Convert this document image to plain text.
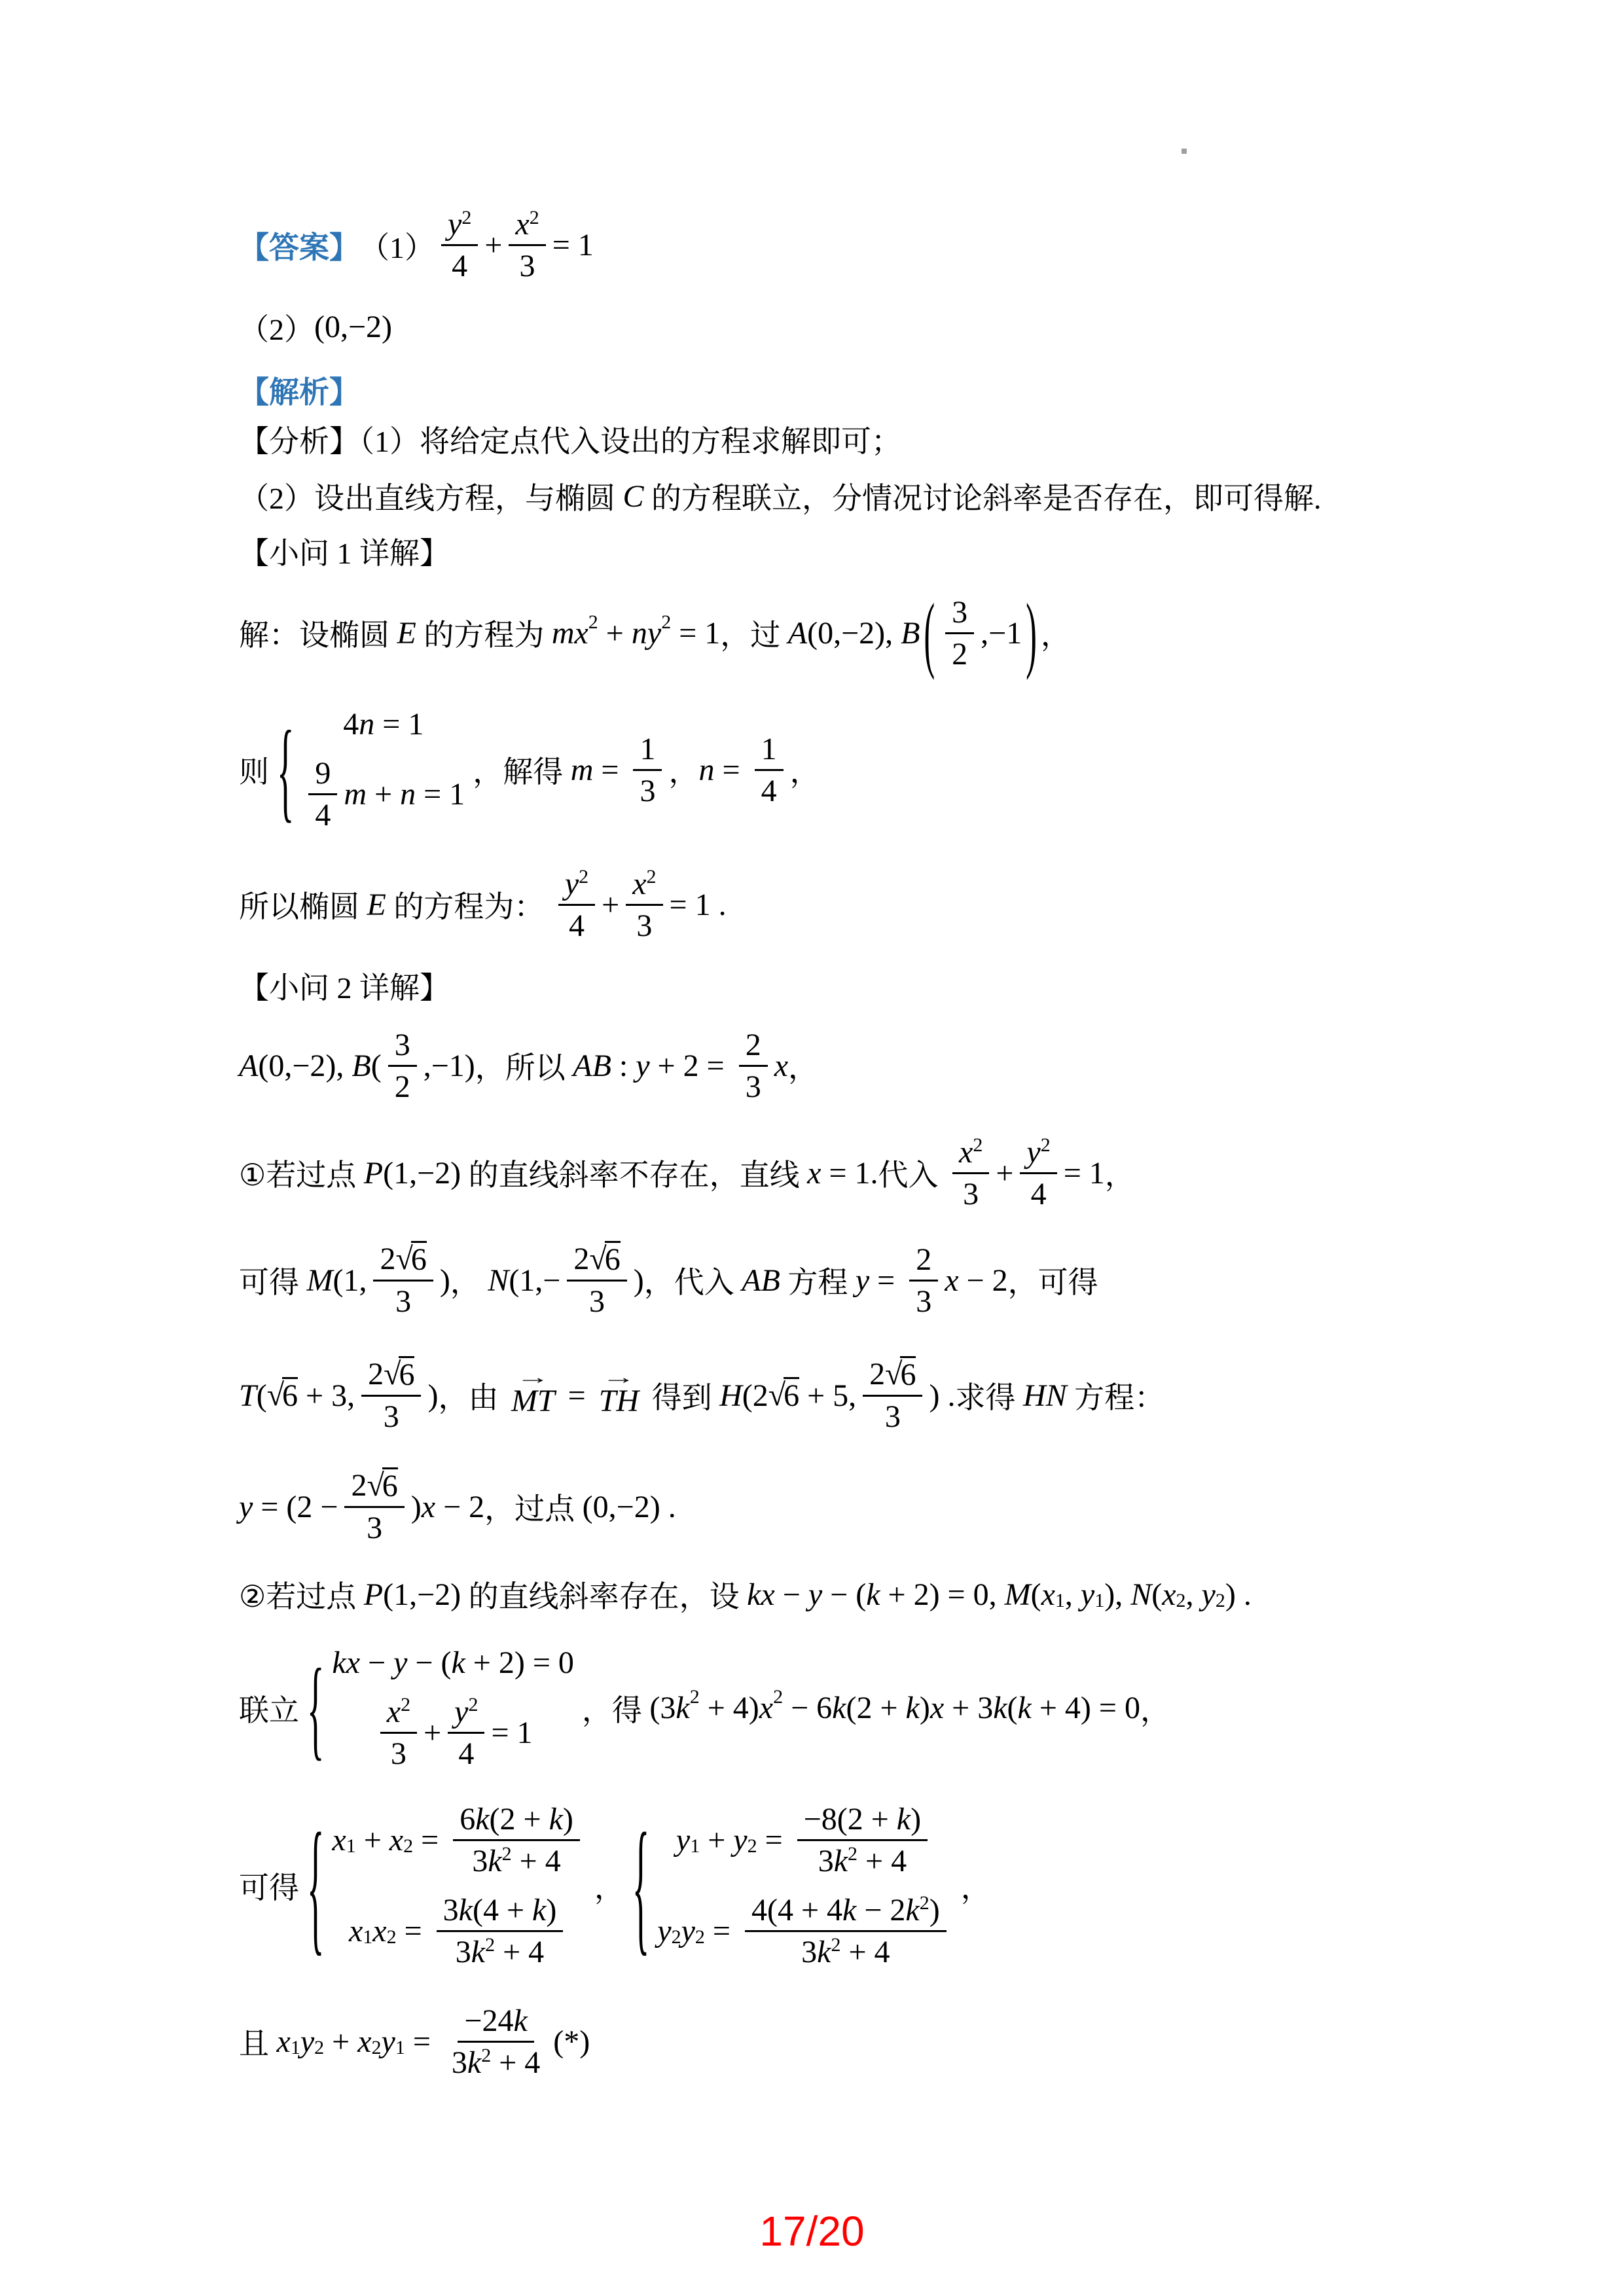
【答案】 $(1) \frac{y 2}{4} + \frac{x 2}{3} = 1$
（2） (0,−2)
【解析】
【分析】（1）将给定点代入设出的方程求解即可；
（2）设出直线方程，与椭圆 C 的方程联立，分情况讨论斜率是否存在，即可得解.
【小问 1 详解】
解：设椭圆 E 的方程为 mx 2 + ny 2 = 1 ，过 A (0,−2), B ( $\frac{3}{2} ,-1$ ) ，
则 { 4 n = 1
$\frac{9}{4}$ m + n = 1
，解得 $m = \frac{1}{3}$ ， $n = \frac{1}{4}$ ，
所以椭圆 E 的方程为： $\frac{y 2}{4} + \frac{x 2}{3} = 1$ .
【小问 2 详解】
A (0,−2), B ( $\frac{3}{2} ,-1$) ，所以 AB : $y + 2 = \frac{2}{3}$ x ，
①若过点 P (1,−2) 的直线斜率不存在，直线 x = 1. 代入 $\frac{x 2}{3} + \frac{y 2}{4} = 1$ ，
可得 M (1, 2 √
6
3 ) ， N (1,− 2 √
6
3 ) ，代入 AB 方程 $y = \frac{2}{3}$ x − 2 ，可得
T ( √
6 + 3, 2 √
6
3 ) ，由 → MT = → TH 得到 H (2 √
6 + 5, 2 √
6
3 ) . 求得 HN 方程：
y = (2 − 2 √
6
3 ) x − 2 ，过点 (0,−2) .
②若过点 P (1,−2) 的直线斜率存在，设 kx − y − ( k + 2) = 0, M ( x 1 , y 1 ), N ( x 2 , y 2 ) .
联立 { kx − y − ( k + 2) = 0
$\frac{x 2}{3} + \frac{y 2}{4} = 1$
，得 (3 k 2 + 4) x 2 − 6 k (2 + k ) x + 3 k ( k + 4) = 0 ，
可得 { x 1 + x $2 = \frac{6 k (2 + k )}{3 k 2 + 4}$
x 1 x $2 = \frac{3 k (4 + k )}{3 k 2 + 4}$
， { y 1 + y $2 = \frac{-8(2 + k )}{3 k 2 + 4}$
y 2 y $2 = \frac{4(4 + 4 k - 2 k 2 )}{3 k 2 + 4}$
，
且 x 1 y 2 + x 2 y $1 = \frac{-24 k}{3 k 2 + 4}$ (*)
17/20
